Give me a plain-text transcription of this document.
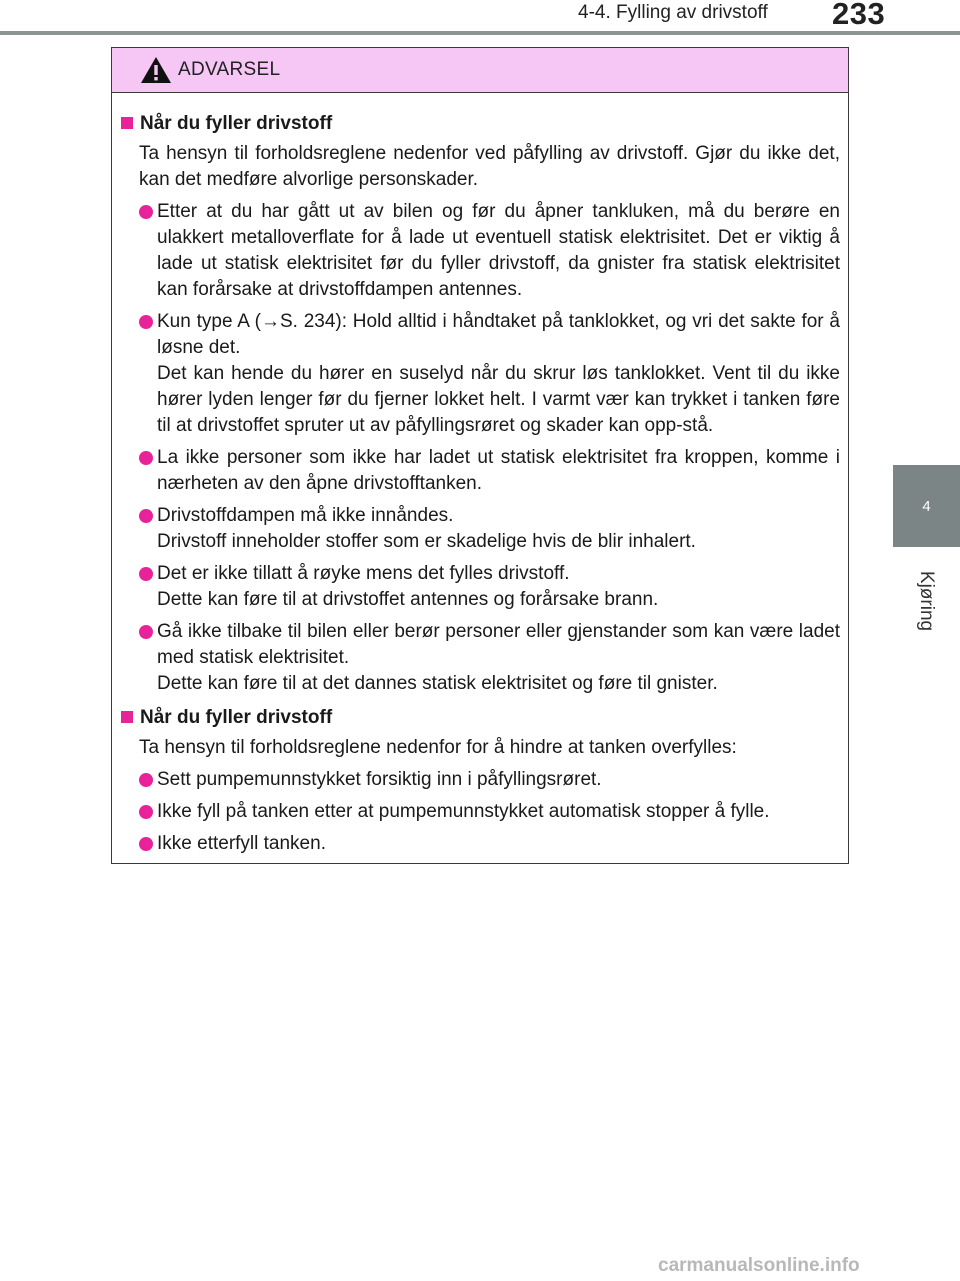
4-4. Fylling av drivstoff 233
4
Kjøring
ADVARSEL
Når du fyller drivstoff
Ta hensyn til forholdsreglene nedenfor ved påfylling av drivstoff. Gjør du ikke det, kan det medføre alvorlige personskader.

Etter at du har gått ut av bilen og før du åpner tankluken, må du berøre en ulakkert metalloverflate for å lade ut eventuell statisk elektrisitet. Det er viktig å lade ut statisk elektrisitet før du fyller drivstoff, da gnister fra statisk elektrisitet kan forårsake at drivstoffdampen antennes.

Kun type A (→S. 234): Hold alltid i håndtaket på tanklokket, og vri det sakte for å løsne det.

Det kan hende du hører en suselyd når du skrur løs tanklokket. Vent til du ikke hører lyden lenger før du fjerner lokket helt. I varmt vær kan trykket i tanken føre til at drivstoffet spruter ut av påfyllingsrøret og skader kan opp-stå.

La ikke personer som ikke har ladet ut statisk elektrisitet fra kroppen, komme i nærheten av den åpne drivstofftanken.

Drivstoffdampen må ikke innåndes.

Drivstoff inneholder stoffer som er skadelige hvis de blir inhalert.

Det er ikke tillatt å røyke mens det fylles drivstoff.

Dette kan føre til at drivstoffet antennes og forårsake brann.

Gå ikke tilbake til bilen eller berør personer eller gjenstander som kan være ladet med statisk elektrisitet.

Dette kan føre til at det dannes statisk elektrisitet og føre til gnister.

Når du fyller drivstoff
Ta hensyn til forholdsreglene nedenfor for å hindre at tanken overfylles:

Sett pumpemunnstykket forsiktig inn i påfyllingsrøret.

Ikke fyll på tanken etter at pumpemunnstykket automatisk stopper å fylle.

Ikke etterfyll tanken.

carmanualsonline.info
